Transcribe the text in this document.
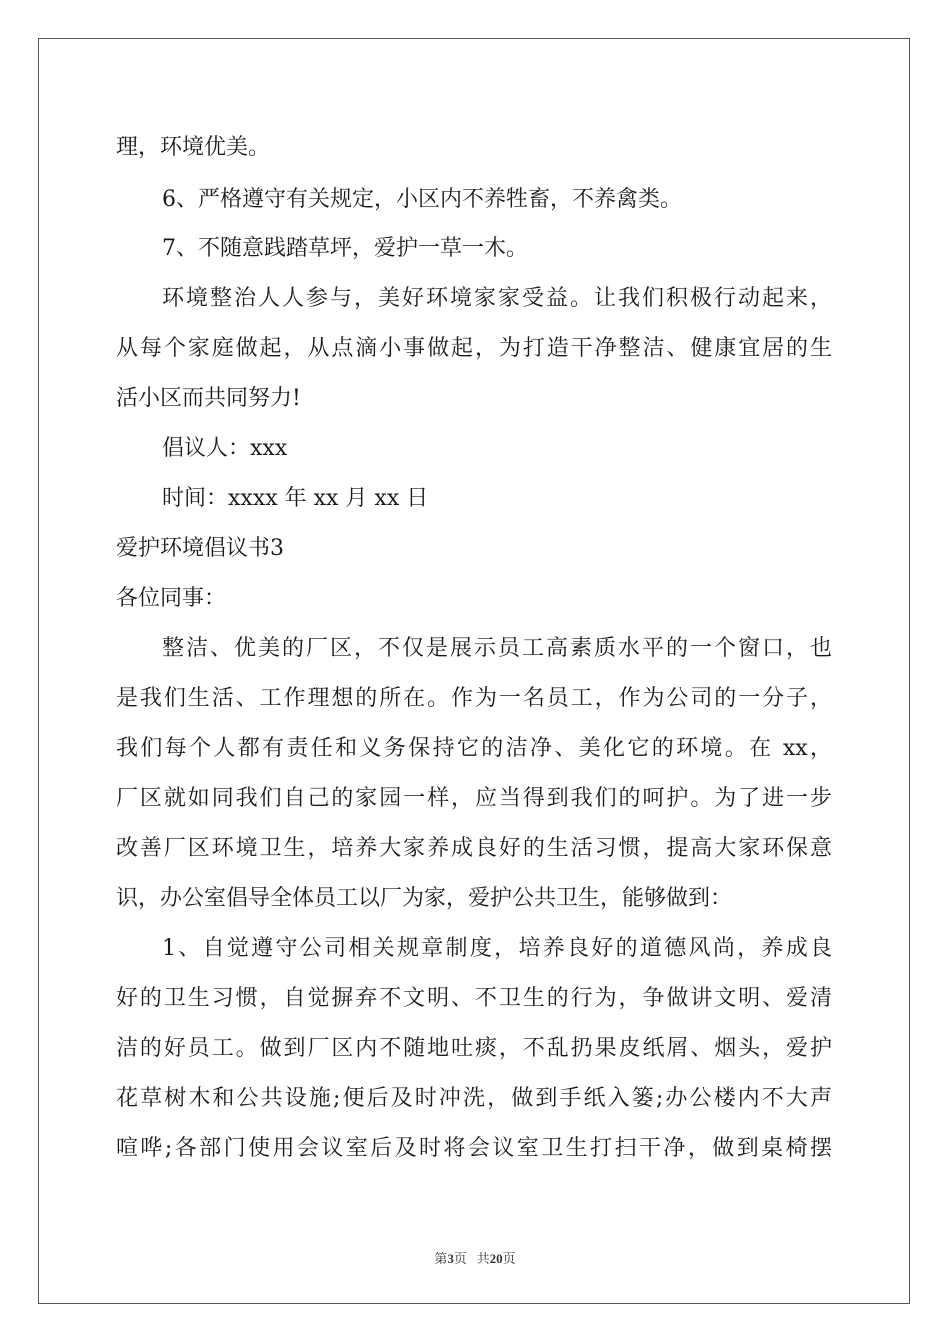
理，环境优美。
6、严格遵守有关规定，小区内不养牲畜，不养禽类。
7、不随意践踏草坪，爱护一草一木。
环境整治人人参与，美好环境家家受益。让我们积极行动起来，
从每个家庭做起，从点滴小事做起，为打造干净整洁、健康宜居的生
活小区而共同努力!
倡议人：xxx
时间：xxxx 年 xx 月 xx 日
爱护环境倡议书3
各位同事：
整洁、优美的厂区，不仅是展示员工高素质水平的一个窗口，也
是我们生活、工作理想的所在。作为一名员工，作为公司的一分子，
我们每个人都有责任和义务保持它的洁净、美化它的环境。在 xx，
厂区就如同我们自己的家园一样，应当得到我们的呵护。为了进一步
改善厂区环境卫生，培养大家养成良好的生活习惯，提高大家环保意
识，办公室倡导全体员工以厂为家，爱护公共卫生，能够做到：
1、自觉遵守公司相关规章制度，培养良好的道德风尚，养成良
好的卫生习惯，自觉摒弃不文明、不卫生的行为，争做讲文明、爱清
洁的好员工。做到厂区内不随地吐痰，不乱扔果皮纸屑、烟头，爱护
花草树木和公共设施;便后及时冲洗，做到手纸入篓;办公楼内不大声
喧哗;各部门使用会议室后及时将会议室卫生打扫干净，做到桌椅摆
第3页 共20页
